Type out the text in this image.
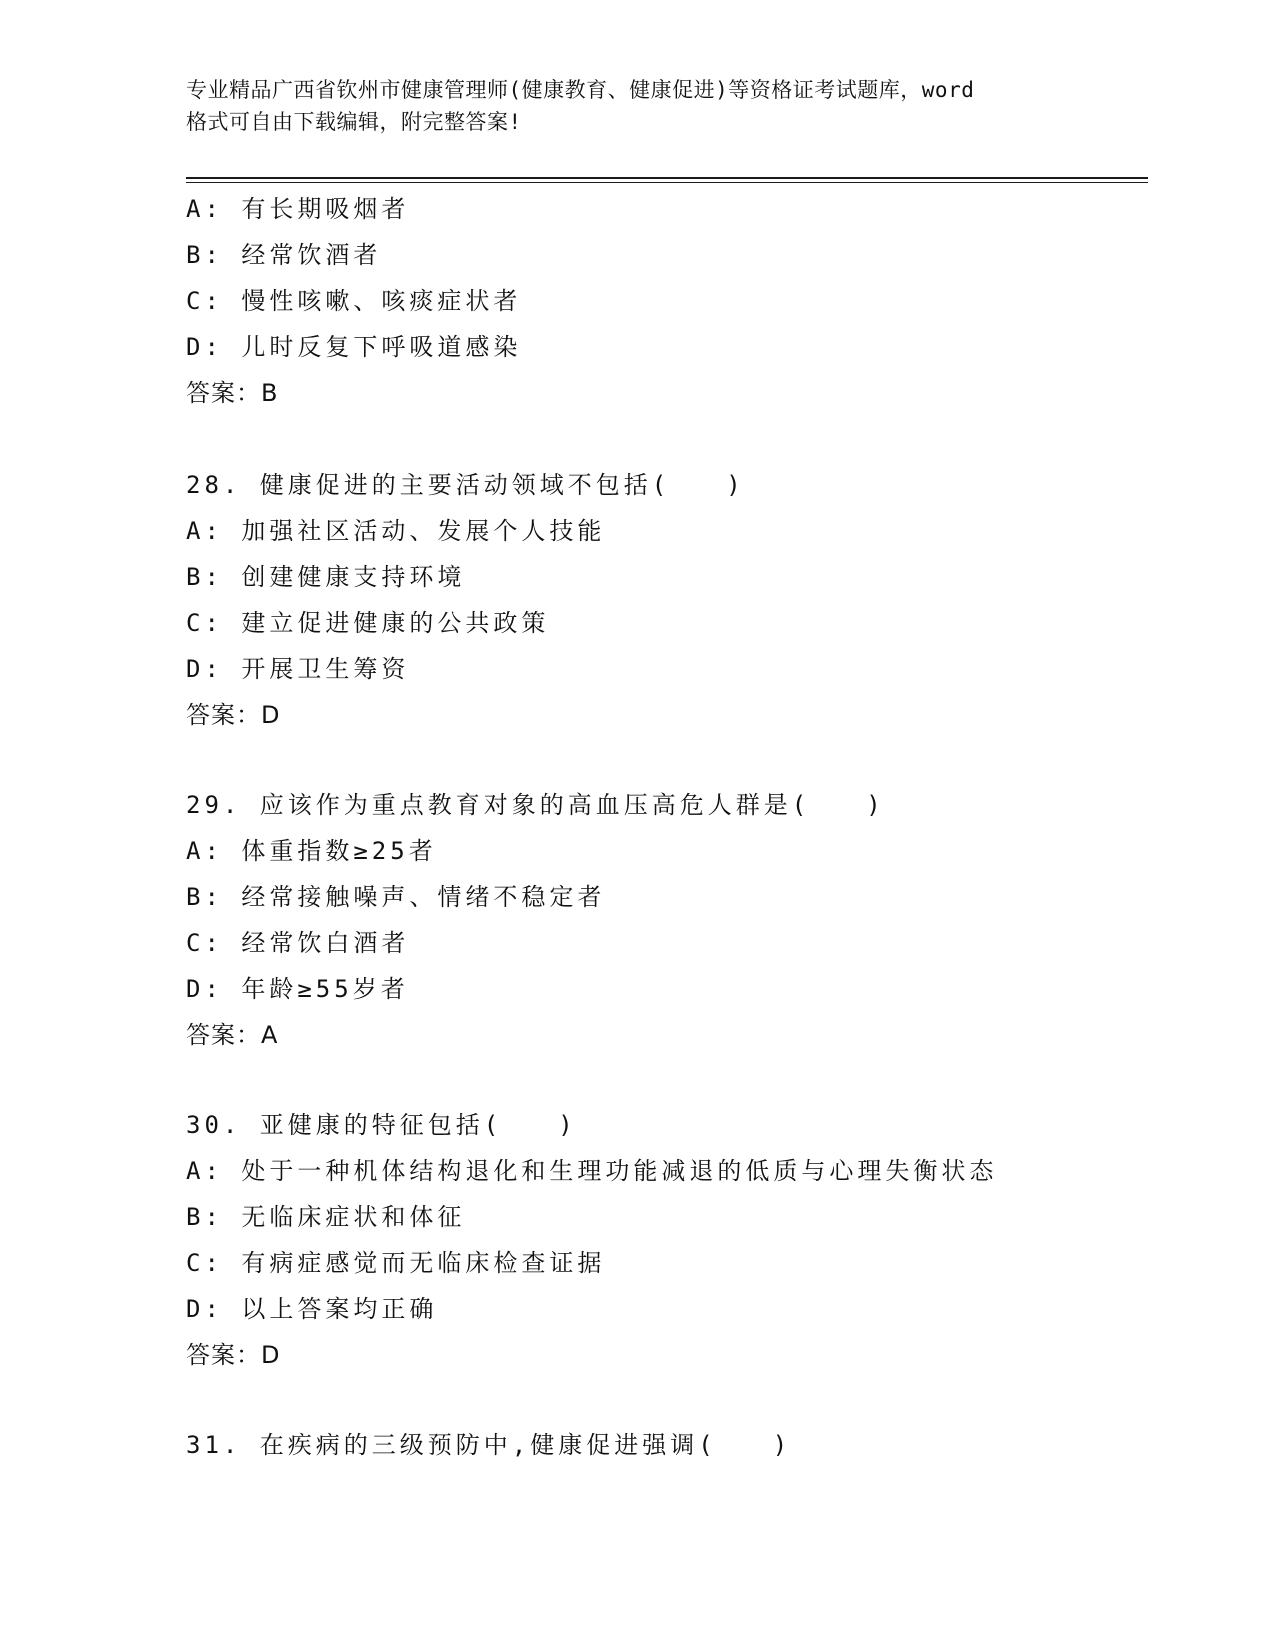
专业精品广西省钦州市健康管理师(健康教育、健康促进)等资格证考试题库，word
格式可自由下载编辑，附完整答案!
A: 有长期吸烟者
B: 经常饮酒者
C: 慢性咳嗽、咳痰症状者
D: 儿时反复下呼吸道感染
答案：B
28. 健康促进的主要活动领域不包括(　　)
A: 加强社区活动、发展个人技能
B: 创建健康支持环境
C: 建立促进健康的公共政策
D: 开展卫生筹资
答案：D
29. 应该作为重点教育对象的高血压高危人群是(　　)
A: 体重指数≥25者
B: 经常接触噪声、情绪不稳定者
C: 经常饮白酒者
D: 年龄≥55岁者
答案：A
30. 亚健康的特征包括(　　)
A: 处于一种机体结构退化和生理功能减退的低质与心理失衡状态
B: 无临床症状和体征
C: 有病症感觉而无临床检查证据
D: 以上答案均正确
答案：D
31. 在疾病的三级预防中,健康促进强调(　　)
